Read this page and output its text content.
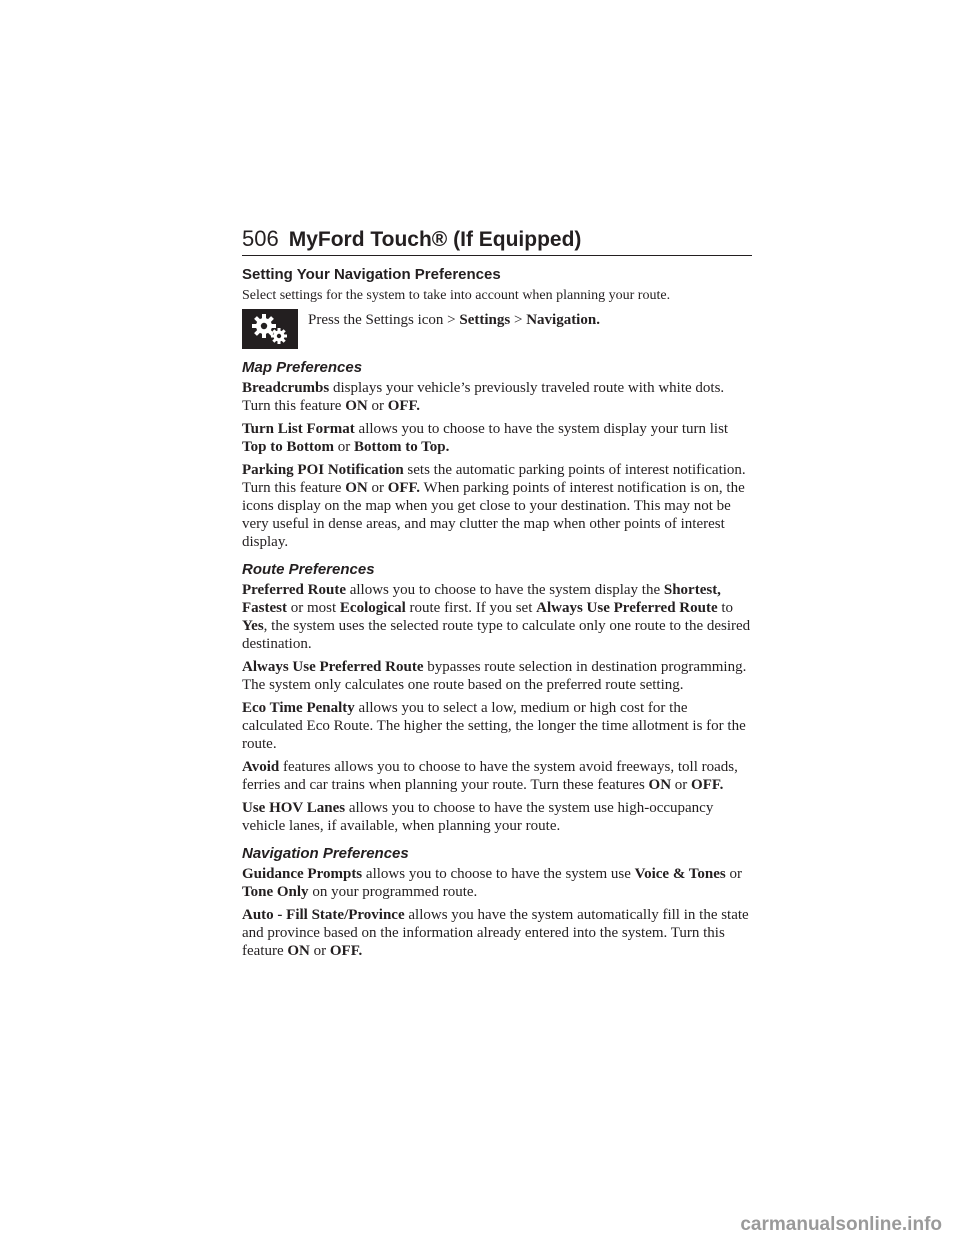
506 MyFord Touch® (If Equipped)
Setting Your Navigation Preferences

Select settings for the system to take into account when planning your route.

Press the Settings icon > Settings > Navigation.

Map Preferences

Breadcrumbs displays your vehicle’s previously traveled route with white dots. Turn this feature ON or OFF.

Turn List Format allows you to choose to have the system display your turn list Top to Bottom or Bottom to Top.

Parking POI Notification sets the automatic parking points of interest notification. Turn this feature ON or OFF. When parking points of interest notification is on, the icons display on the map when you get close to your destination. This may not be very useful in dense areas, and may clutter the map when other points of interest display.

Route Preferences

Preferred Route allows you to choose to have the system display the Shortest, Fastest or most Ecological route first. If you set Always Use Preferred Route to Yes, the system uses the selected route type to calculate only one route to the desired destination.

Always Use Preferred Route bypasses route selection in destination programming. The system only calculates one route based on the preferred route setting.

Eco Time Penalty allows you to select a low, medium or high cost for the calculated Eco Route. The higher the setting, the longer the time allotment is for the route.

Avoid features allows you to choose to have the system avoid freeways, toll roads, ferries and car trains when planning your route. Turn these features ON or OFF.

Use HOV Lanes allows you to choose to have the system use high-occupancy vehicle lanes, if available, when planning your route.

Navigation Preferences

Guidance Prompts allows you to choose to have the system use Voice & Tones or Tone Only on your programmed route.

Auto - Fill State/Province allows you have the system automatically fill in the state and province based on the information already entered into the system. Turn this feature ON or OFF.

carmanualsonline.info
